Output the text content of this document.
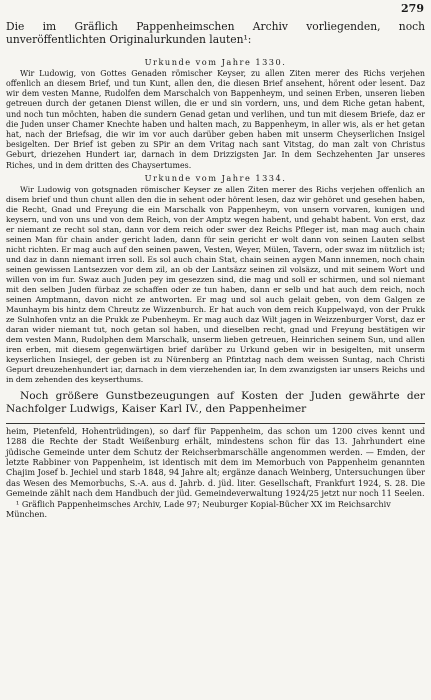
279

Die im Gräflich Pappenheimschen Archiv vorliegenden, noch unveröffentlichten Originalurkunden lauten¹:

Urkunde vom Jahre 1330.

Wir Ludowig, von Gottes Genaden römischer Keyser, zu allen Ziten merer des Richs verjehen offenlich an diesem Brief, und tun Kunt, allen den, die diesen Brief ansehent, hörent oder lesent. Daz wir dem vesten Manne, Rudolfen dem Marschalch von Bappenheym, und seinen Erben, unseren lieben getreuen durch der getanen Dienst willen, die er und sin vordern, uns, und dem Riche getan habent, und noch tun möchten, haben die sundern Genad getan und verlihen, und tun mit diesem Briefe, daz er die Juden unser Chamer Knechte haben und halten mach, zu Bappenheym, in aller wis, als er het getan hat, nach der Briefsag, die wir im vor auch darüber geben haben mit unserm Cheyserlichen Insigel besigelten. Der Brief ist geben zu SPir an dem Vritag nach sant Vitstag, do man zalt von Christus Geburt, driezehen Hundert iar, darnach in dem Drizzigsten Jar. In dem Sechzehenten Jar unseres Riches, und in dem dritten des Chaysertumes.

Urkunde vom Jahre 1334.

Wir Ludowig von gotsgnaden römischer Keyser ze allen Ziten merer des Richs verjehen offenlich an disem brief und thun chunt allen den die in sehent oder hörent lesen, daz wir gehöret und gesehen haben, die Recht, Gnad und Freyung die ein Marschalk von Pappenheym, von unsern vorvaren, kunigen und keysern, und von uns und von dem Reich, von der Amptz wegen habent, und gehabt habent. Von erst, daz er niemant ze recht sol stan, dann vor dem reich oder swer dez Reichs Pfleger ist, man mag auch chain seinen Man für chain ander gericht laden, dann für sein gericht er wolt dann von seinen Lauten selbst nicht richten. Er mag auch auf den seinen pawen, Vesten, Weyer, Mülen, Tavern, oder swaz im nützlich ist; und daz in dann niemant irren soll. Es sol auch chain Stat, chain seinen aygen Mann innemen, noch chain seinen gewissen Lantsezzen vor dem zil, an ob der Lantsäzz seinen zil volsäzz, und mit seinem Wort und willen von im fur. Swaz auch Juden pey im gesezzen sind, die mag und soll er schirmen, und sol niemant mit den selben Juden fürbaz ze schaffen oder ze tun haben, dann er selb und hat auch dem reich, noch seinen Amptmann, davon nicht ze antworten. Er mag und sol auch gelait geben, von dem Galgen ze Maunhaym bis hintz dem Chreutz ze Wizzenburch. Er hat auch von dem reich Kuppelwayd, von der Prukk ze Sulnhofen vntz an die Prukk ze Pubenheym. Er mag auch daz Wilt jagen in Weizzenburger Vorst, daz er daran wider niemant tut, noch getan sol haben, und dieselben recht, gnad und Freyung bestätigen wir dem vesten Mann, Rudolphen dem Marschalk, unserm lieben getreuen, Heinrichen seinem Sun, und allen iren erben, mit diesem gegenwärtigen brief darüber zu Urkund geben wir in besigelten, mit unserm keyserlichen Insiegel, der geben ist zu Nürenberg an Pfintztag nach dem weissen Suntag, nach Christi Gepurt dreuzehenhundert iar, darnach in dem vierzehenden iar, In dem zwanzigsten iar unsers Reichs und in dem zehenden des keyserthums.

Noch größere Gunstbezeugungen auf Kosten der Juden gewährte der Nachfolger Ludwigs, Kaiser Karl IV., den Pappenheimer

heim, Pietenfeld, Hohentrüdingen), so darf für Pappenheim, das schon um 1200 cives kennt und 1288 die Rechte der Stadt Weißenburg erhält, mindestens schon für das 13. Jahrhundert eine jüdische Gemeinde unter dem Schutz der Reichserbmarschälle angenommen werden. — Emden, der letzte Rabbiner von Pappenheim, ist identisch mit dem im Memorbuch von Pappenheim genannten Chajim Josef b. Jechiel und starb 1848, 94 Jahre alt; ergänze danach Weinberg, Untersuchungen über das Wesen des Memorbuchs, S.-A. aus d. Jahrb. d. jüd. liter. Gesellschaft, Frankfurt 1924, S. 28. Die Gemeinde zählt nach dem Handbuch der jüd. Gemeindeverwaltung 1924/25 jetzt nur noch 11 Seelen.

¹ Gräflich Pappenheimsches Archiv, Lade 97; Neuburger Kopial-Bücher XX im Reichsarchiv München.
